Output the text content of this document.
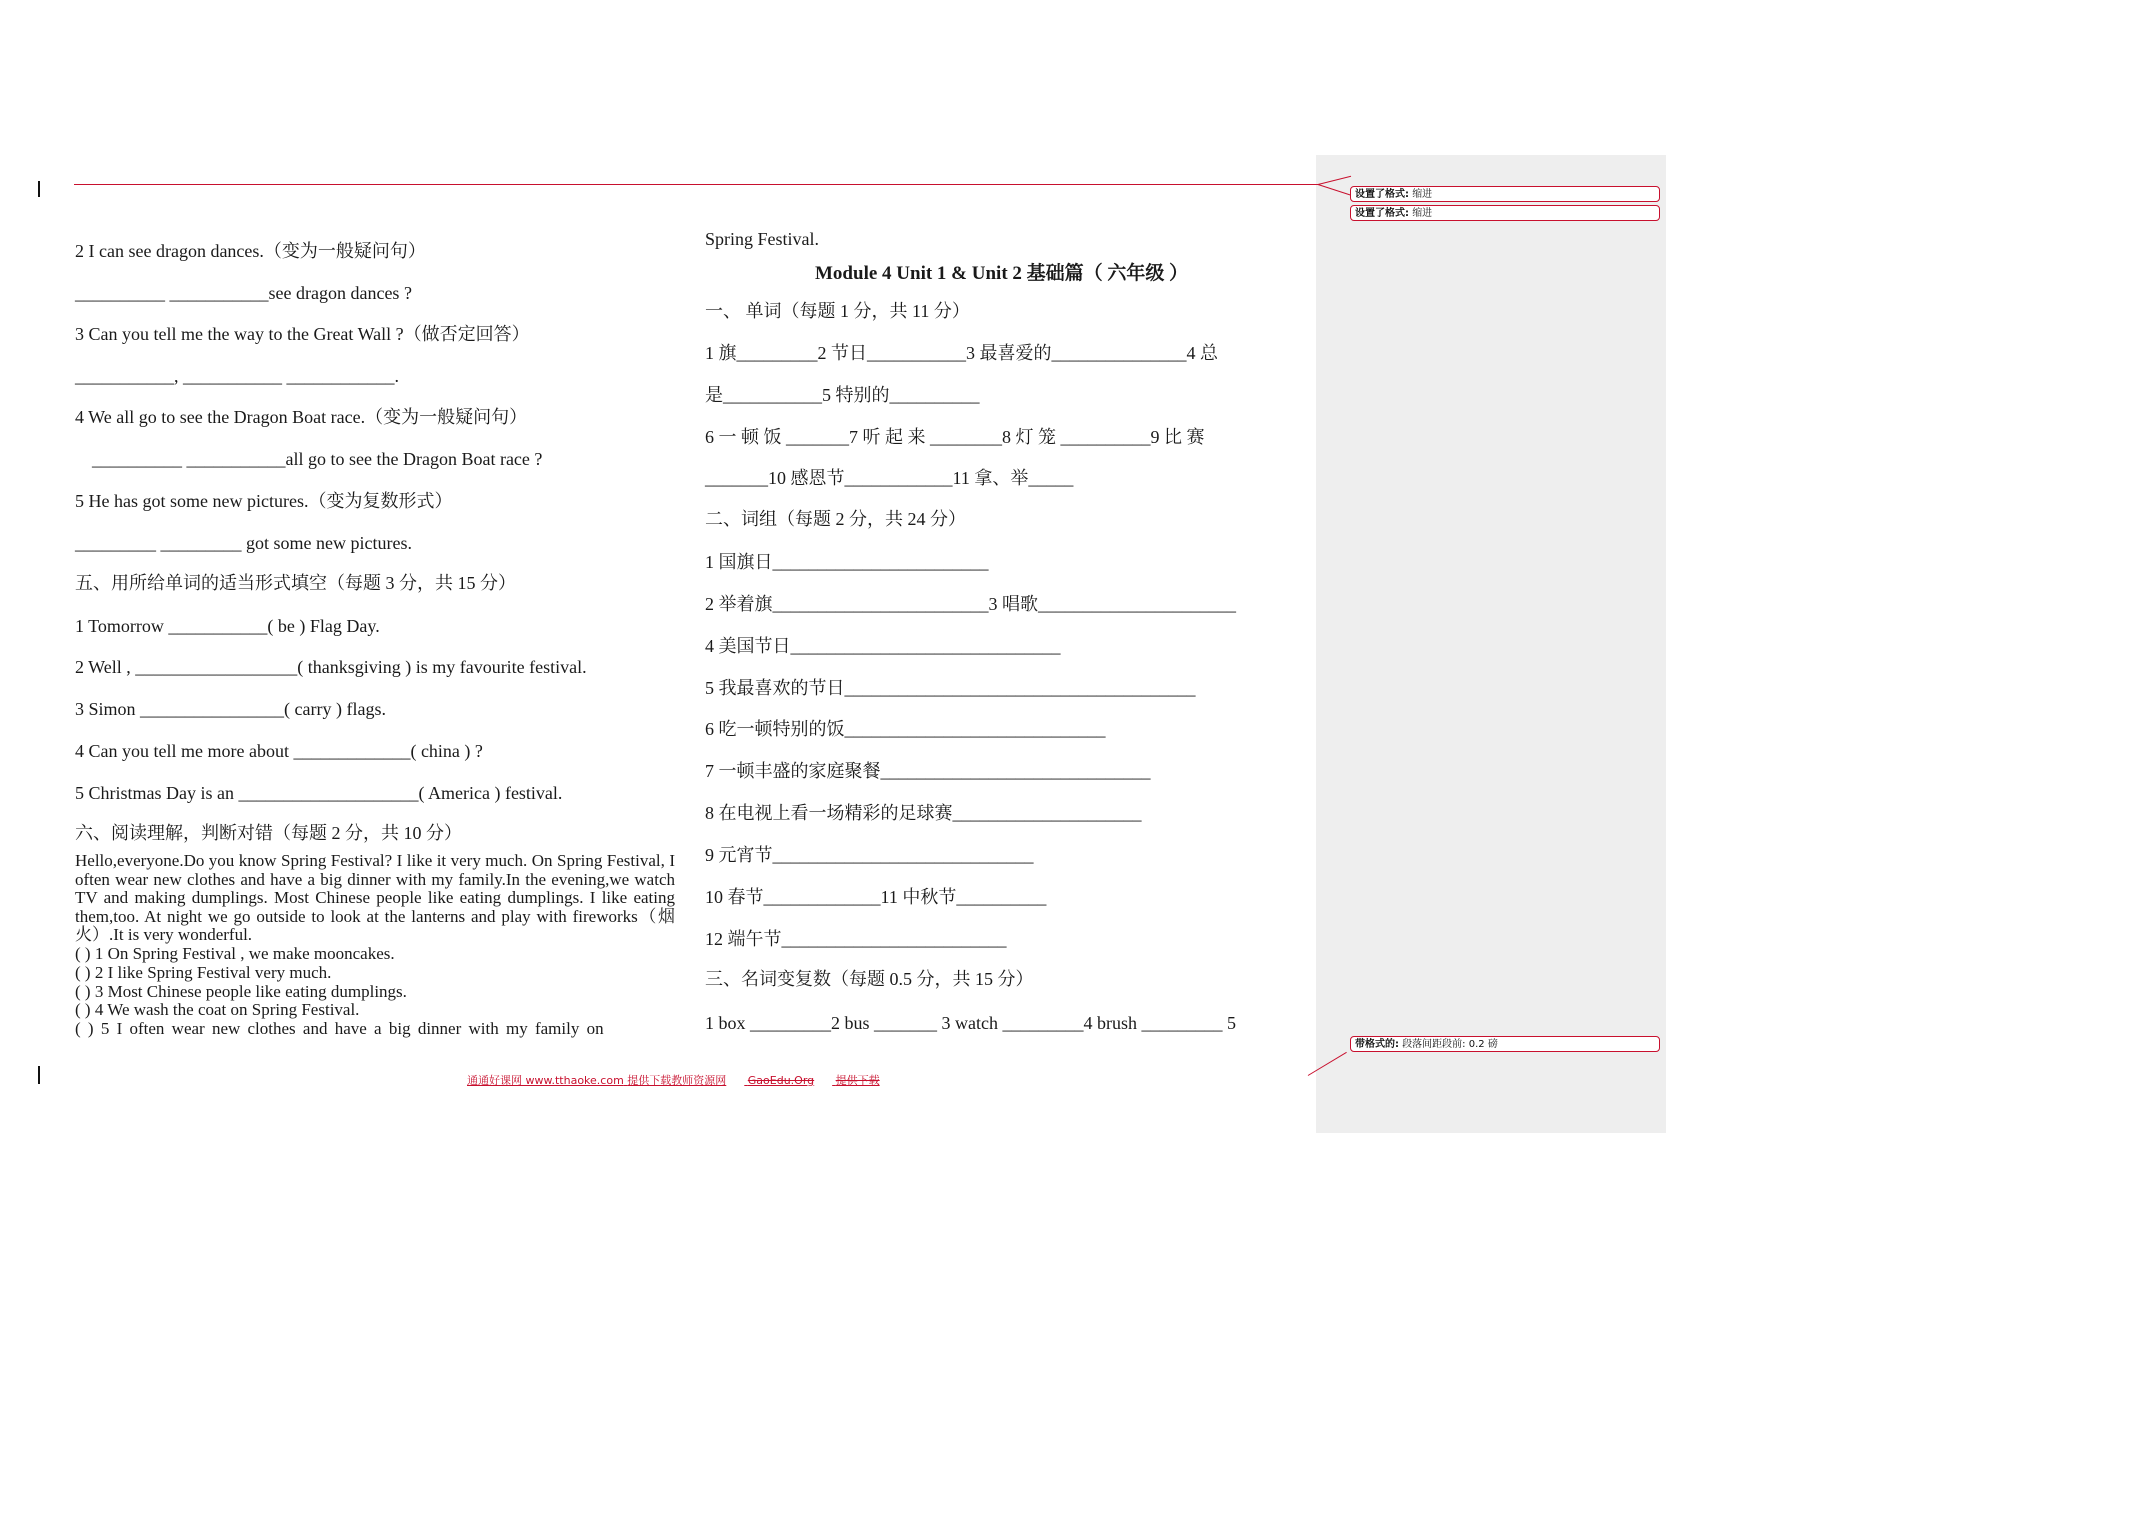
设置了格式: 缩进
设置了格式: 缩进
带格式的: 段落间距段前: 0.2 磅
2 I can see dragon dances.（变为一般疑问句）
__________ ___________see dragon dances ?
3 Can you tell me the way to the Great Wall ?（做否定回答）
___________, ___________ ____________.
4 We all go to see the Dragon Boat race.（变为一般疑问句）
__________ ___________all go to see the Dragon Boat race ?
5 He has got some new pictures.（变为复数形式）
_________ _________ got some new pictures.
五、用所给单词的适当形式填空（每题 3 分，共 15 分）
1 Tomorrow ___________( be ) Flag Day.
2 Well , __________________( thanksgiving ) is my favourite festival.
3 Simon ________________( carry ) flags.
4 Can you tell me more about _____________( china ) ?
5 Christmas Day is an ____________________( America ) festival.
六、阅读理解，判断对错（每题 2 分，共 10 分）
Hello,everyone.Do you know Spring Festival? I like it very much. On Spring Festival, I often wear new clothes and have a big dinner with my family.In the evening,we watch TV and making dumplings. Most Chinese people like eating dumplings. I like eating them,too. At night we go outside to look at the lanterns and play with fireworks（烟火）.It is very wonderful.
( ) 1 On Spring Festival , we make mooncakes.
( ) 2 I like Spring Festival very much.
( ) 3 Most Chinese people like eating dumplings.
( ) 4 We wash the coat on Spring Festival.
( ) 5 I often wear new clothes and have a big dinner with my family on
Spring Festival.
Module 4 Unit 1 & Unit 2 基础篇（ 六年级 ）
一、 单词（每题 1 分，共 11 分）
1 旗_________2 节日___________3 最喜爱的_______________4 总
是___________5 特别的__________
6 一 顿 饭 _______7 听 起 来 ________8 灯 笼 __________9 比 赛
_______10 感恩节____________11 拿、举_____
二、词组（每题 2 分，共 24 分）
1 国旗日________________________
2 举着旗________________________3 唱歌______________________
4 美国节日______________________________
5 我最喜欢的节日_______________________________________
6 吃一顿特别的饭_____________________________
7 一顿丰盛的家庭聚餐______________________________
8 在电视上看一场精彩的足球赛_____________________
9 元宵节_____________________________
10 春节_____________11 中秋节__________
12 端午节_________________________
三、名词变复数（每题 0.5 分，共 15 分）
1 box _________2 bus _______ 3 watch _________4 brush _________ 5
通通好课网 www.tthaoke.com 提供下载教师资源网 GaoEdu.Org 提供下载
